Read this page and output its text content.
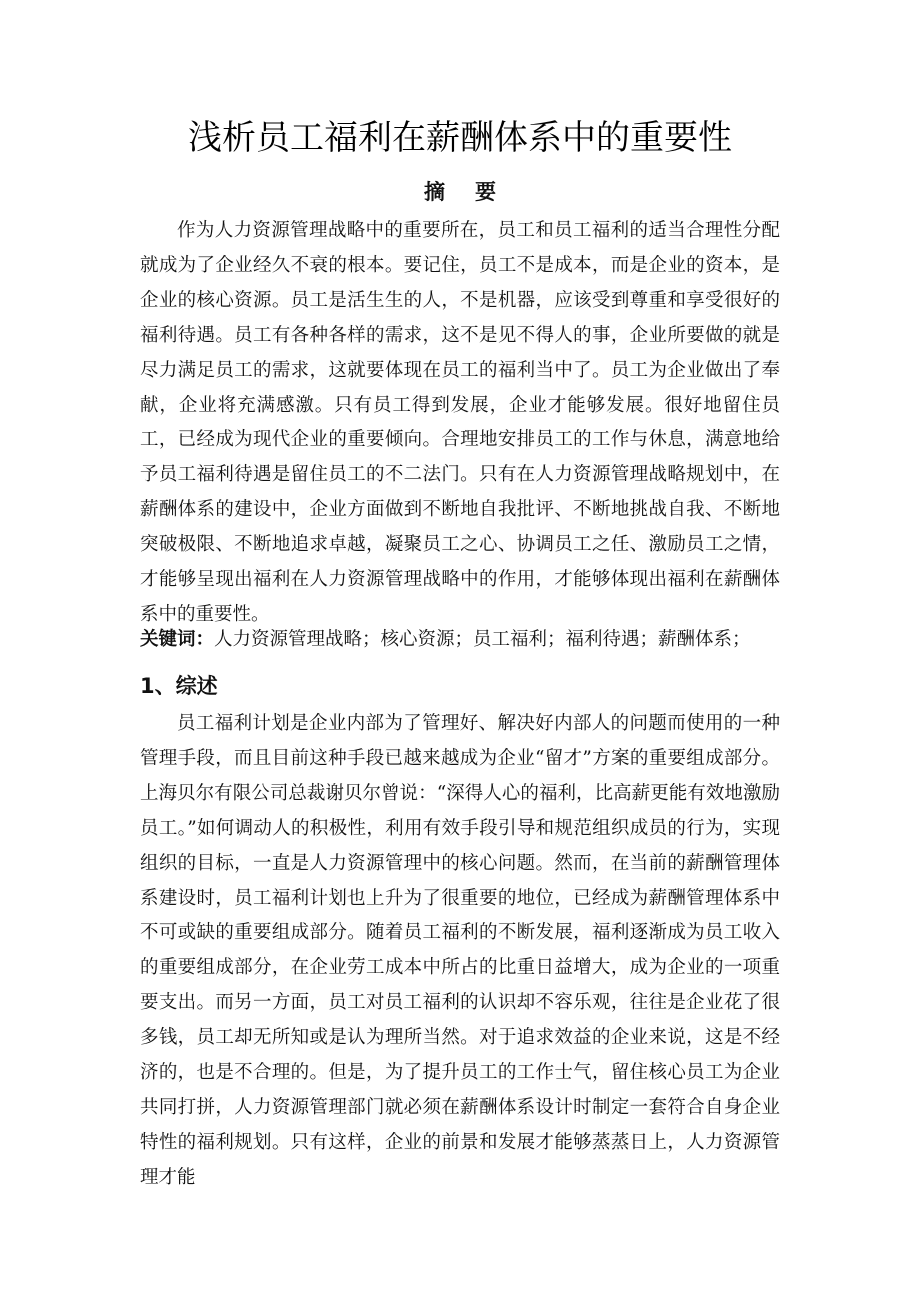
浅析员工福利在薪酬体系中的重要性
摘要

作为人力资源管理战略中的重要所在，员工和员工福利的适当合理性分配就成为了企业经久不衰的根本。要记住，员工不是成本，而是企业的资本，是企业的核心资源。员工是活生生的人，不是机器，应该受到尊重和享受很好的福利待遇。员工有各种各样的需求，这不是见不得人的事，企业所要做的就是尽力满足员工的需求，这就要体现在员工的福利当中了。员工为企业做出了奉献，企业将充满感激。只有员工得到发展，企业才能够发展。很好地留住员工，已经成为现代企业的重要倾向。合理地安排员工的工作与休息，满意地给予员工福利待遇是留住员工的不二法门。只有在人力资源管理战略规划中，在薪酬体系的建设中，企业方面做到不断地自我批评、不断地挑战自我、不断地突破极限、不断地追求卓越，凝聚员工之心、协调员工之任、激励员工之情，才能够呈现出福利在人力资源管理战略中的作用，才能够体现出福利在薪酬体系中的重要性。

关键词：人力资源管理战略；核心资源；员工福利；福利待遇；薪酬体系；
1、综述

员工福利计划是企业内部为了管理好、解决好内部人的问题而使用的一种管理手段，而且目前这种手段已越来越成为企业“留才”方案的重要组成部分。上海贝尔有限公司总裁谢贝尔曾说：“深得人心的福利，比高薪更能有效地激励员工。”如何调动人的积极性，利用有效手段引导和规范组织成员的行为，实现组织的目标，一直是人力资源管理中的核心问题。然而，在当前的薪酬管理体系建设时，员工福利计划也上升为了很重要的地位，已经成为薪酬管理体系中不可或缺的重要组成部分。随着员工福利的不断发展，福利逐渐成为员工收入的重要组成部分，在企业劳工成本中所占的比重日益增大，成为企业的一项重要支出。而另一方面，员工对员工福利的认识却不容乐观，往往是企业花了很多钱，员工却无所知或是认为理所当然。对于追求效益的企业来说，这是不经济的，也是不合理的。但是，为了提升员工的工作士气，留住核心员工为企业共同打拼，人力资源管理部门就必须在薪酬体系设计时制定一套符合自身企业特性的福利规划。只有这样，企业的前景和发展才能够蒸蒸日上，人力资源管理才能
